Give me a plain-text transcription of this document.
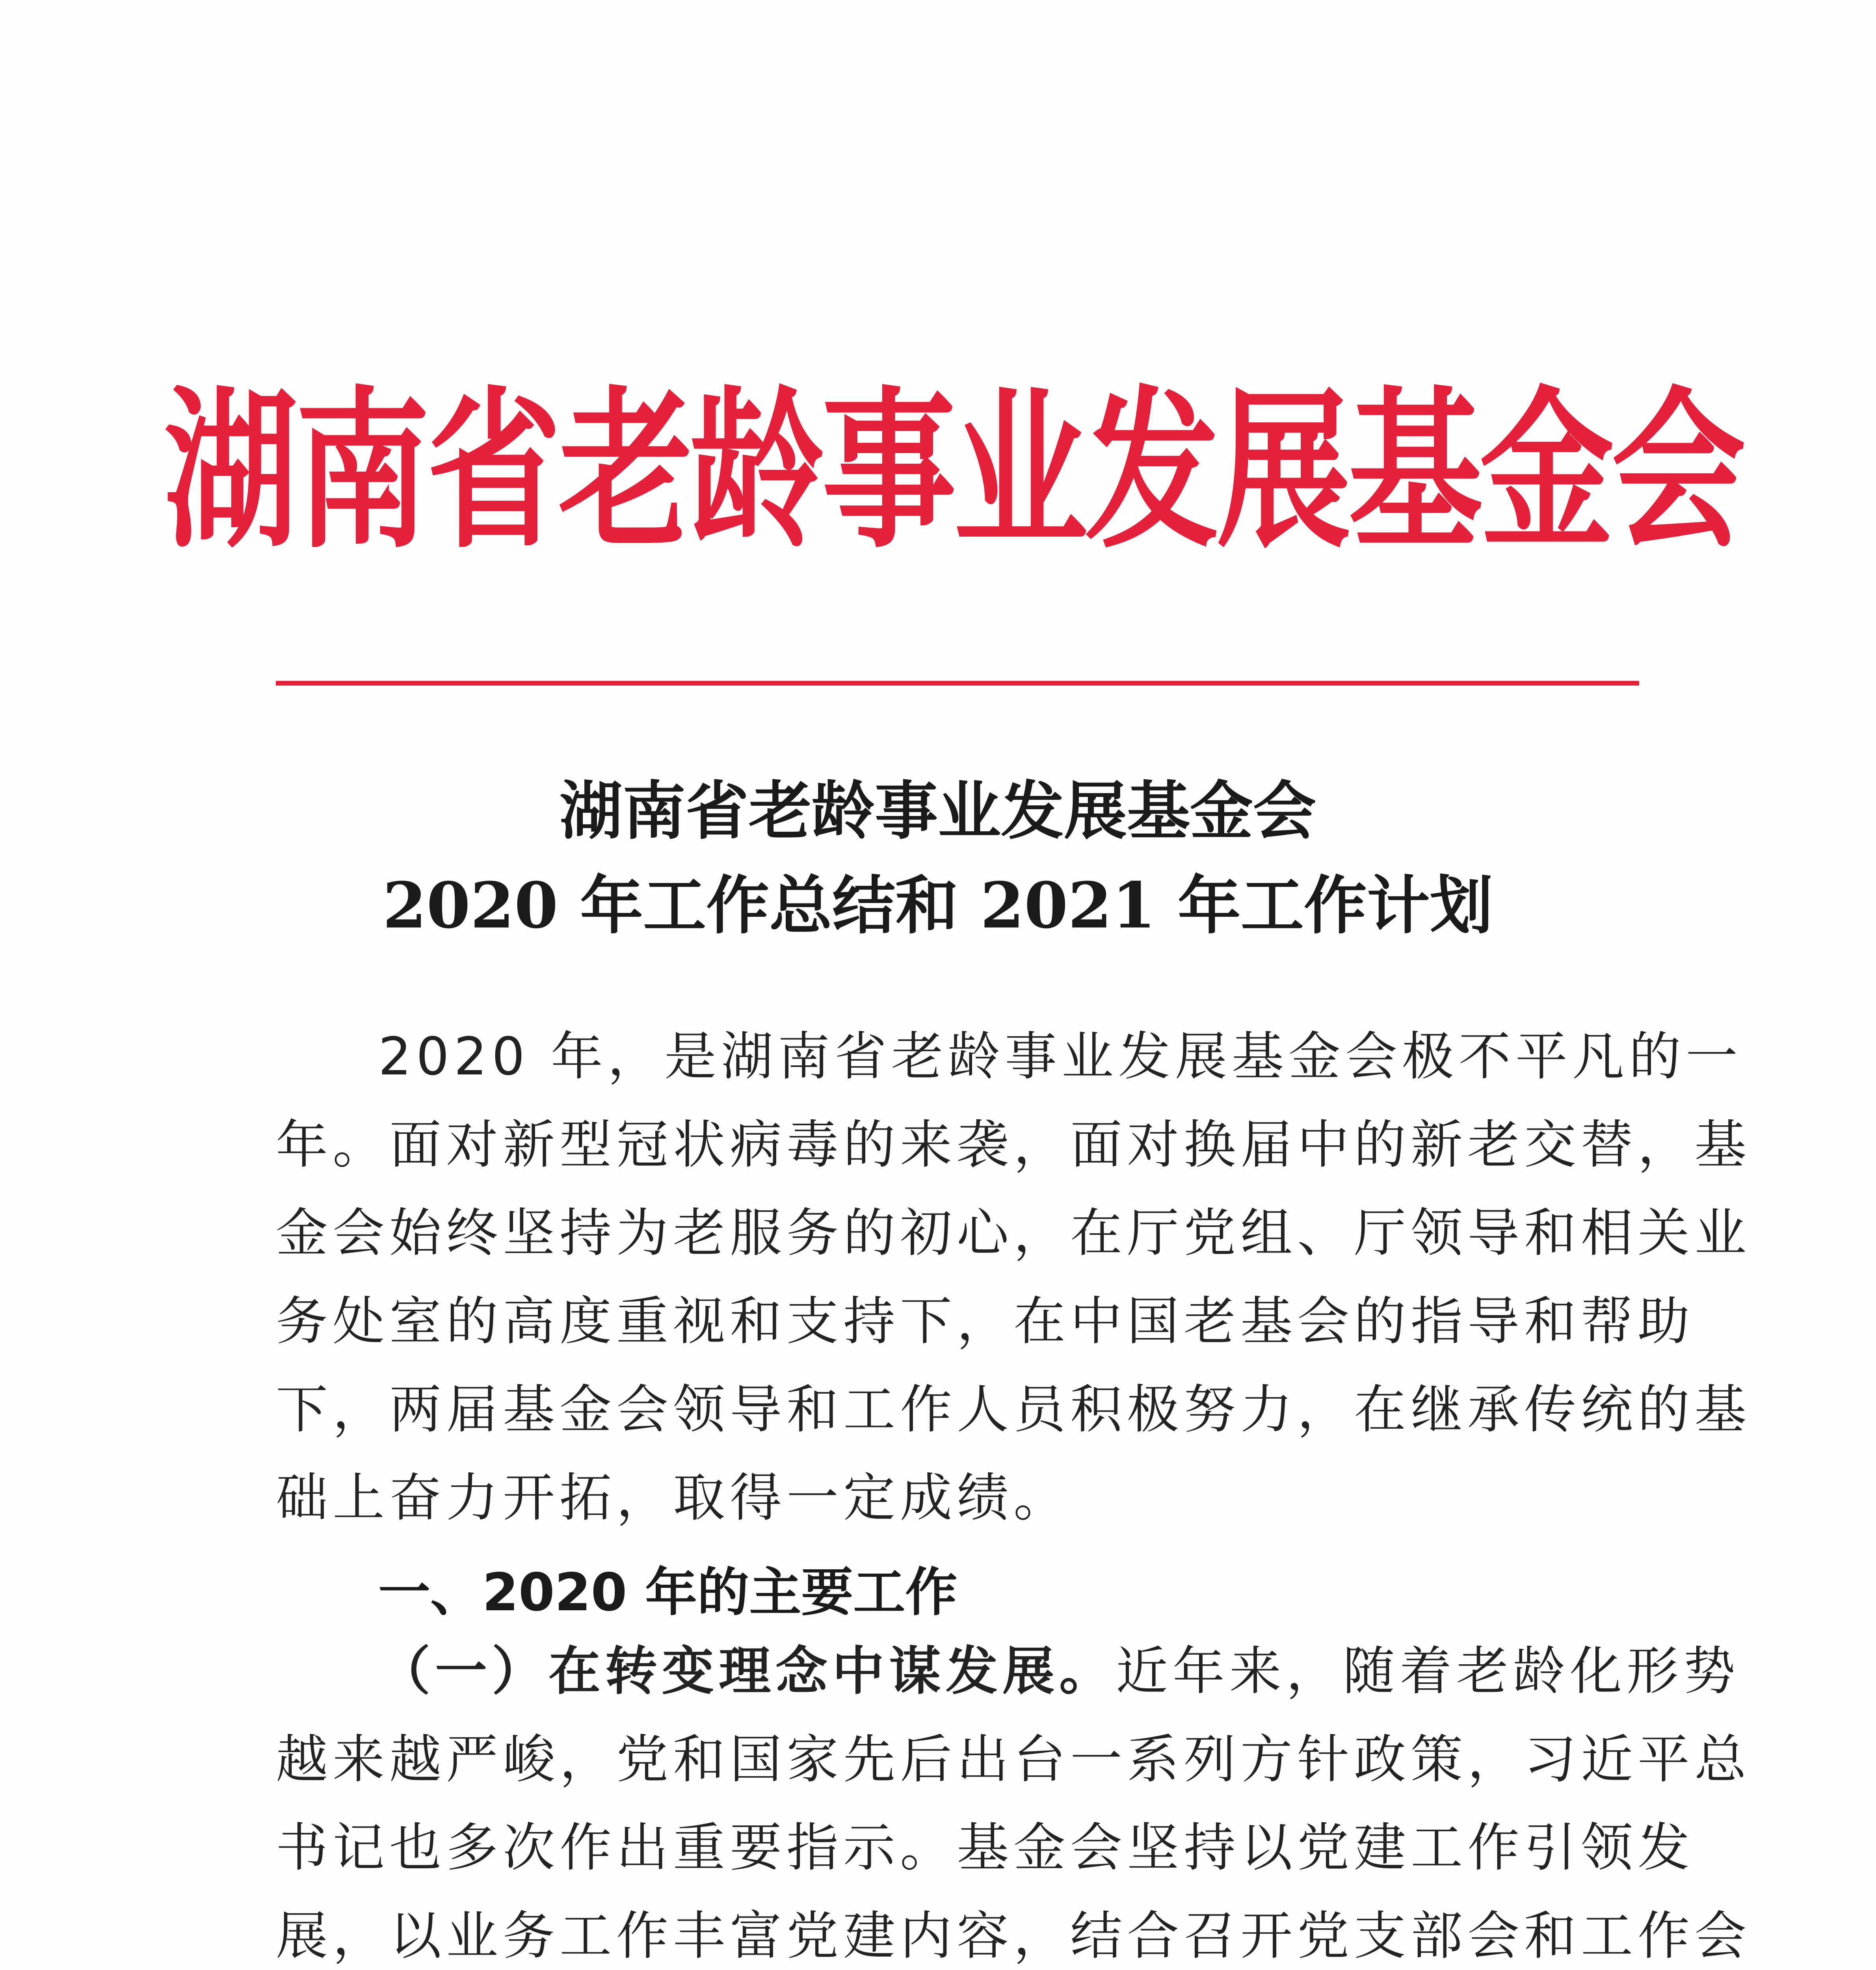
湖南省老龄事业发展基金会
湖南省老龄事业发展基金会
2020 年工作总结和 2021 年工作计划
2020 年，是湖南省老龄事业发展基金会极不平凡的一
年。面对新型冠状病毒的来袭，面对换届中的新老交替，基
金会始终坚持为老服务的初心，在厅党组、厅领导和相关业
务处室的高度重视和支持下，在中国老基会的指导和帮助
下，两届基金会领导和工作人员积极努力，在继承传统的基
础上奋力开拓，取得一定成绩。
一、2020 年的主要工作
（一）在转变理念中谋发展。近年来，随着老龄化形势
越来越严峻，党和国家先后出台一系列方针政策，习近平总
书记也多次作出重要指示。基金会坚持以党建工作引领发
展，以业务工作丰富党建内容，结合召开党支部会和工作会
